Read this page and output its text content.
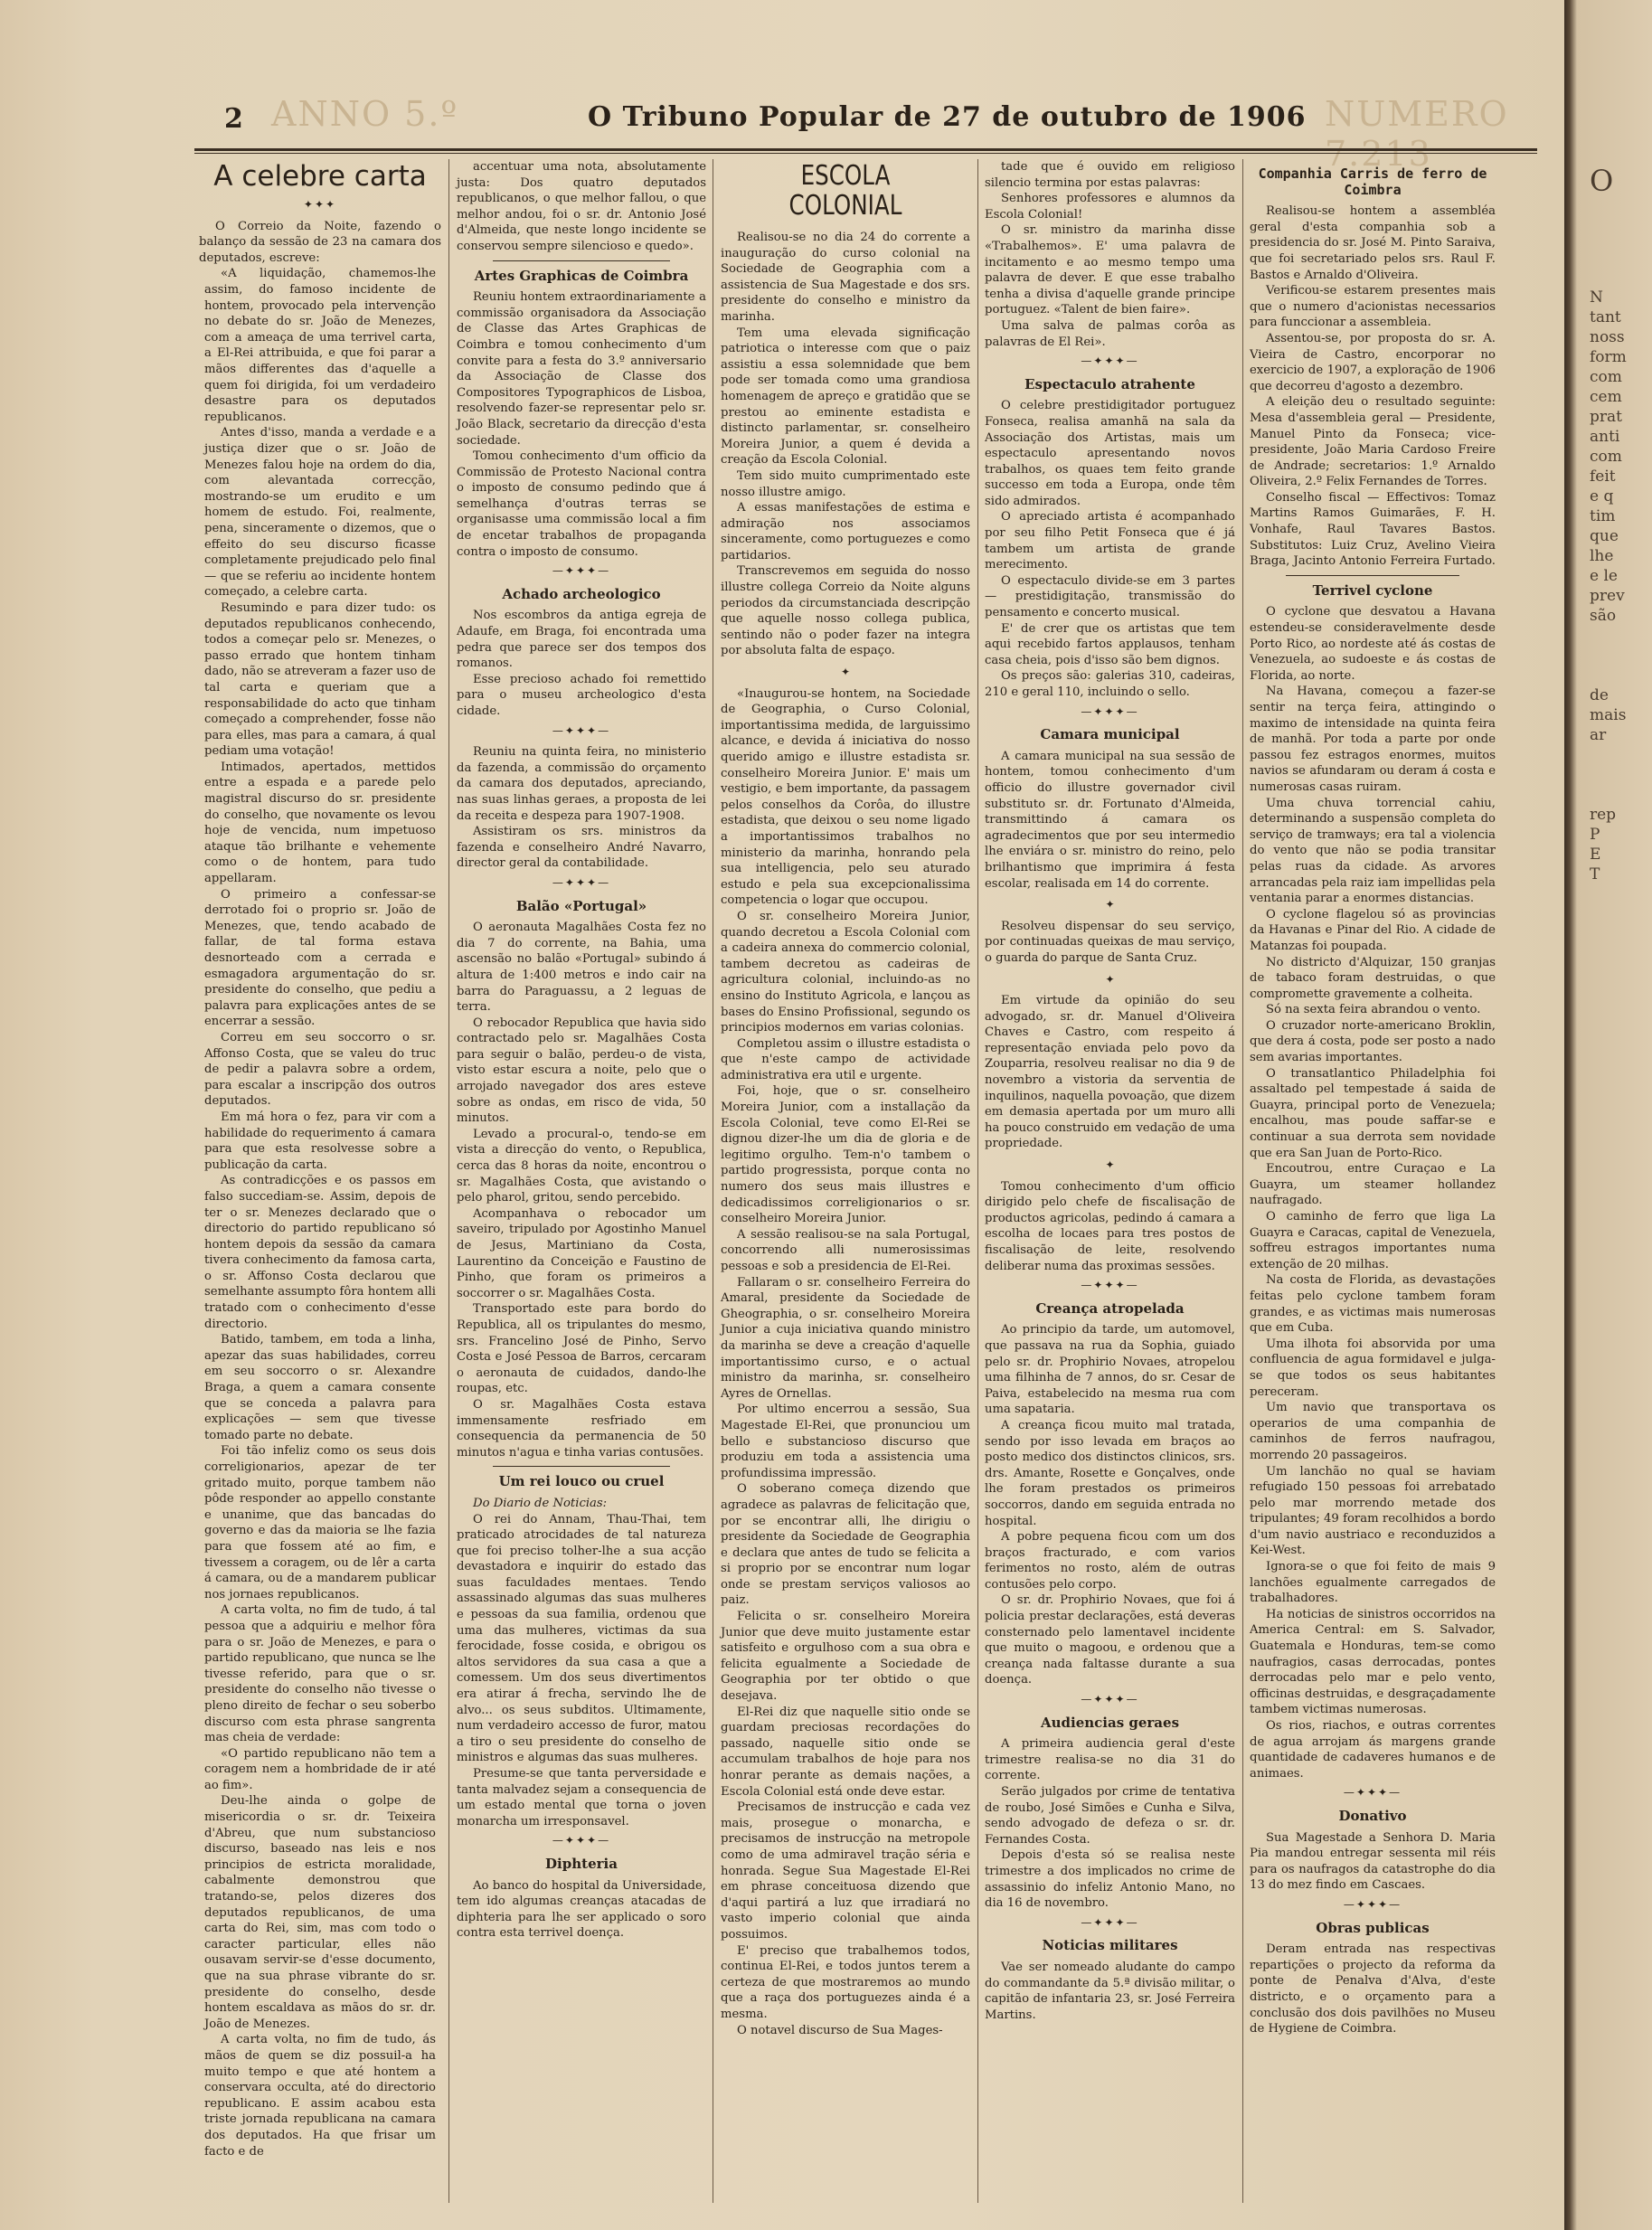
2 ANNO 5.º	O Tribuno Popular de 27 de outubro de 1906 NUMERO 7.213
A celebre carta
✦✦✦

O Correio da Noite, fazendo o balanço da sessão de 23 na camara dos deputados, escreve:

«A liquidação, chamemos-lhe assim, do famoso incidente de hontem, provocado pela intervenção no debate do sr. João de Menezes, com a ameaça de uma terrivel carta, a El-Rei attribuida, e que foi parar a mãos differentes das d'aquelle a quem foi dirigida, foi um verdadeiro desastre para os deputados republicanos.

Antes d'isso, manda a verdade e a justiça dizer que o sr. João de Menezes falou hoje na ordem do dia, com alevantada correcção, mostrando-se um erudito e um homem de estudo. Foi, realmente, pena, sinceramente o dizemos, que o effeito do seu discurso ficasse completamente prejudicado pelo final — que se referiu ao incidente hontem começado, a celebre carta.

Resumindo e para dizer tudo: os deputados republicanos conhecendo, todos a começar pelo sr. Menezes, o passo errado que hontem tinham dado, não se atreveram a fazer uso de tal carta e queriam que a responsabilidade do acto que tinham começado a comprehender, fosse não para elles, mas para a camara, á qual pediam uma votação!

Intimados, apertados, mettidos entre a espada e a parede pelo magistral discurso do sr. presidente do conselho, que novamente os levou hoje de vencida, num impetuoso ataque tão brilhante e vehemente como o de hontem, para tudo appellaram.

O primeiro a confessar-se derrotado foi o proprio sr. João de Menezes, que, tendo acabado de fallar, de tal forma estava desnorteado com a cerrada e esmagadora argumentação do sr. presidente do conselho, que pediu a palavra para explicações antes de se encerrar a sessão.

Correu em seu soccorro o sr. Affonso Costa, que se valeu do truc de pedir a palavra sobre a ordem, para escalar a inscripção dos outros deputados.

Em má hora o fez, para vir com a habilidade do requerimento á camara para que esta resolvesse sobre a publicação da carta.

As contradicções e os passos em falso succediam-se. Assim, depois de ter o sr. Menezes declarado que o directorio do partido republicano só hontem depois da sessão da camara tivera conhecimento da famosa carta, o sr. Affonso Costa declarou que semelhante assumpto fôra hontem alli tratado com o conhecimento d'esse directorio.

Batido, tambem, em toda a linha, apezar das suas habilidades, correu em seu soccorro o sr. Alexandre Braga, a quem a camara consente que se conceda a palavra para explicações — sem que tivesse tomado parte no debate.

Foi tão infeliz como os seus dois correligionarios, apezar de ter gritado muito, porque tambem não pôde responder ao appello constante e unanime, que das bancadas do governo e das da maioria se lhe fazia para que fossem até ao fim, e tivessem a coragem, ou de lêr a carta á camara, ou de a mandarem publicar nos jornaes republicanos.

A carta volta, no fim de tudo, á tal pessoa que a adquiriu e melhor fôra para o sr. João de Menezes, e para o partido republicano, que nunca se lhe tivesse referido, para que o sr. presidente do conselho não tivesse o pleno direito de fechar o seu soberbo discurso com esta phrase sangrenta mas cheia de verdade:

«O partido republicano não tem a coragem nem a hombridade de ir até ao fim».

Deu-lhe ainda o golpe de misericordia o sr. dr. Teixeira d'Abreu, que num substancioso discurso, baseado nas leis e nos principios de estricta moralidade, cabalmente demonstrou que tratando-se, pelos dizeres dos deputados republicanos, de uma carta do Rei, sim, mas com todo o caracter particular, elles não ousavam servir-se d'esse documento, que na sua phrase vibrante do sr. presidente do conselho, desde hontem escaldava as mãos do sr. dr. João de Menezes.

A carta volta, no fim de tudo, ás mãos de quem se diz possuil-a ha muito tempo e que até hontem a conservara occulta, até do directorio republicano. E assim acabou esta triste jornada republicana na camara dos deputados. Ha que frisar um facto e de

accentuar uma nota, absolutamente justa: Dos quatro deputados republicanos, o que melhor fallou, o que melhor andou, foi o sr. dr. Antonio José d'Almeida, que neste longo incidente se conservou sempre silencioso e quedo».

Artes Graphicas de Coimbra

Reuniu hontem extraordinariamente a commissão organisadora da Associação de Classe das Artes Graphicas de Coimbra e tomou conhecimento d'um convite para a festa do 3.º anniversario da Associação de Classe dos Compositores Typographicos de Lisboa, resolvendo fazer-se representar pelo sr. João Black, secretario da direcção d'esta sociedade.

Tomou conhecimento d'um officio da Commissão de Protesto Nacional contra o imposto de consumo pedindo que á semelhança d'outras terras se organisasse uma commissão local a fim de encetar trabalhos de propaganda contra o imposto de consumo.

—✦✦✦—
Achado archeologico

Nos escombros da antiga egreja de Adaufe, em Braga, foi encontrada uma pedra que parece ser dos tempos dos romanos.

Esse precioso achado foi remettido para o museu archeologico d'esta cidade.

—✦✦✦—

Reuniu na quinta feira, no ministerio da fazenda, a commissão do orçamento da camara dos deputados, apreciando, nas suas linhas geraes, a proposta de lei da receita e despeza para 1907-1908.

Assistiram os srs. ministros da fazenda e conselheiro André Navarro, director geral da contabilidade.

—✦✦✦—
Balão «Portugal»

O aeronauta Magalhães Costa fez no dia 7 do corrente, na Bahia, uma ascensão no balão «Portugal» subindo á altura de 1:400 metros e indo cair na barra do Paraguassu, a 2 leguas de terra.

O rebocador Republica que havia sido contractado pelo sr. Magalhães Costa para seguir o balão, perdeu-o de vista, visto estar escura a noite, pelo que o arrojado navegador dos ares esteve sobre as ondas, em risco de vida, 50 minutos.

Levado a procural-o, tendo-se em vista a direcção do vento, o Republica, cerca das 8 horas da noite, encontrou o sr. Magalhães Costa, que avistando o pelo pharol, gritou, sendo percebido.

Acompanhava o rebocador um saveiro, tripulado por Agostinho Manuel de Jesus, Martiniano da Costa, Laurentino da Conceição e Faustino de Pinho, que foram os primeiros a soccorrer o sr. Magalhães Costa.

Transportado este para bordo do Republica, all os tripulantes do mesmo, srs. Francelino José de Pinho, Servo Costa e José Pessoa de Barros, cercaram o aeronauta de cuidados, dando-lhe roupas, etc.

O sr. Magalhães Costa estava immensamente resfriado em consequencia da permanencia de 50 minutos n'agua e tinha varias contusões.

Um rei louco ou cruel

Do Diario de Noticias:

O rei do Annam, Thau-Thai, tem praticado atrocidades de tal natureza que foi preciso tolher-lhe a sua acção devastadora e inquirir do estado das suas faculdades mentaes. Tendo assassinado algumas das suas mulheres e pessoas da sua familia, ordenou que uma das mulheres, victimas da sua ferocidade, fosse cosida, e obrigou os altos servidores da sua casa a que a comessem. Um dos seus divertimentos era atirar á frecha, servindo lhe de alvo... os seus subditos. Ultimamente, num verdadeiro accesso de furor, matou a tiro o seu presidente do conselho de ministros e algumas das suas mulheres.

Presume-se que tanta perversidade e tanta malvadez sejam a consequencia de um estado mental que torna o joven monarcha um irresponsavel.

—✦✦✦—
Diphteria

Ao banco do hospital da Universidade, tem ido algumas creanças atacadas de diphteria para lhe ser applicado o soro contra esta terrivel doença.

ESCOLA COLONIAL

Realisou-se no dia 24 do corrente a inauguração do curso colonial na Sociedade de Geographia com a assistencia de Sua Magestade e dos srs. presidente do conselho e ministro da marinha.

Tem uma elevada significação patriotica o interesse com que o paiz assistiu a essa solemnidade que bem pode ser tomada como uma grandiosa homenagem de apreço e gratidão que se prestou ao eminente estadista e distincto parlamentar, sr. conselheiro Moreira Junior, a quem é devida a creação da Escola Colonial.

Tem sido muito cumprimentado este nosso illustre amigo.

A essas manifestações de estima e admiração nos associamos sinceramente, como portuguezes e como partidarios.

Transcrevemos em seguida do nosso illustre collega Correio da Noite alguns periodos da circumstanciada descripção que aquelle nosso collega publica, sentindo não o poder fazer na integra por absoluta falta de espaço.

✦

«Inaugurou-se hontem, na Sociedade de Geographia, o Curso Colonial, importantissima medida, de larguissimo alcance, e devida á iniciativa do nosso querido amigo e illustre estadista sr. conselheiro Moreira Junior. E' mais um vestigio, e bem importante, da passagem pelos conselhos da Corôa, do illustre estadista, que deixou o seu nome ligado a importantissimos trabalhos no ministerio da marinha, honrando pela sua intelligencia, pelo seu aturado estudo e pela sua excepcionalissima competencia o logar que occupou.

O sr. conselheiro Moreira Junior, quando decretou a Escola Colonial com a cadeira annexa do commercio colonial, tambem decretou as cadeiras de agricultura colonial, incluindo-as no ensino do Instituto Agricola, e lançou as bases do Ensino Profissional, segundo os principios modernos em varias colonias.

Completou assim o illustre estadista o que n'este campo de actividade administrativa era util e urgente.

Foi, hoje, que o sr. conselheiro Moreira Junior, com a installação da Escola Colonial, teve como El-Rei se dignou dizer-lhe um dia de gloria e de legitimo orgulho. Tem-n'o tambem o partido progressista, porque conta no numero dos seus mais illustres e dedicadissimos correligionarios o sr. conselheiro Moreira Junior.

A sessão realisou-se na sala Portugal, concorrendo alli numerosissimas pessoas e sob a presidencia de El-Rei.

Fallaram o sr. conselheiro Ferreira do Amaral, presidente da Sociedade de Gheographia, o sr. conselheiro Moreira Junior a cuja iniciativa quando ministro da marinha se deve a creação d'aquelle importantissimo curso, e o actual ministro da marinha, sr. conselheiro Ayres de Ornellas.

Por ultimo encerrou a sessão, Sua Magestade El-Rei, que pronunciou um bello e substancioso discurso que produziu em toda a assistencia uma profundissima impressão.

O soberano começa dizendo que agradece as palavras de felicitação que, por se encontrar alli, lhe dirigiu o presidente da Sociedade de Geographia e declara que antes de tudo se felicita a si proprio por se encontrar num logar onde se prestam serviços valiosos ao paiz.

Felicita o sr. conselheiro Moreira Junior que deve muito justamente estar satisfeito e orgulhoso com a sua obra e felicita egualmente a Sociedade de Geographia por ter obtido o que desejava.

El-Rei diz que naquelle sitio onde se guardam preciosas recordações do passado, naquelle sitio onde se accumulam trabalhos de hoje para nos honrar perante as demais nações, a Escola Colonial está onde deve estar.

Precisamos de instrucção e cada vez mais, prosegue o monarcha, e precisamos de instrucção na metropole como de uma admiravel tração séria e honrada. Segue Sua Magestade El-Rei em phrase conceituosa dizendo que d'aqui partirá a luz que irradiará no vasto imperio colonial que ainda possuimos.

E' preciso que trabalhemos todos, continua El-Rei, e todos juntos terem a certeza de que mostraremos ao mundo que a raça dos portuguezes ainda é a mesma.

O notavel discurso de Sua Mages-

tade que é ouvido em religioso silencio termina por estas palavras:

Senhores professores e alumnos da Escola Colonial!

O sr. ministro da marinha disse «Trabalhemos». E' uma palavra de incitamento e ao mesmo tempo uma palavra de dever. E que esse trabalho tenha a divisa d'aquelle grande principe portuguez. «Talent de bien faire».

Uma salva de palmas corôa as palavras de El Rei».

—✦✦✦—
Espectaculo atrahente

O celebre prestidigitador portuguez Fonseca, realisa amanhã na sala da Associação dos Artistas, mais um espectaculo apresentando novos trabalhos, os quaes tem feito grande successo em toda a Europa, onde têm sido admirados.

O apreciado artista é acompanhado por seu filho Petit Fonseca que é já tambem um artista de grande merecimento.

O espectaculo divide-se em 3 partes — prestidigitação, transmissão do pensamento e concerto musical.

E' de crer que os artistas que tem aqui recebido fartos applausos, tenham casa cheia, pois d'isso são bem dignos.

Os preços são: galerias 310, cadeiras, 210 e geral 110, incluindo o sello.

—✦✦✦—
Camara municipal

A camara municipal na sua sessão de hontem, tomou conhecimento d'um officio do illustre governador civil substituto sr. dr. Fortunato d'Almeida, transmittindo á camara os agradecimentos que por seu intermedio lhe enviára o sr. ministro do reino, pelo brilhantismo que imprimira á festa escolar, realisada em 14 do corrente.

✦

Resolveu dispensar do seu serviço, por continuadas queixas de mau serviço, o guarda do parque de Santa Cruz.

✦

Em virtude da opinião do seu advogado, sr. dr. Manuel d'Oliveira Chaves e Castro, com respeito á representação enviada pelo povo da Zouparria, resolveu realisar no dia 9 de novembro a vistoria da serventia de inquilinos, naquella povoação, que dizem em demasia apertada por um muro alli ha pouco construido em vedação de uma propriedade.

✦

Tomou conhecimento d'um officio dirigido pelo chefe de fiscalisação de productos agricolas, pedindo á camara a escolha de locaes para tres postos de fiscalisação de leite, resolvendo deliberar numa das proximas sessões.

—✦✦✦—
Creança atropelada

Ao principio da tarde, um automovel, que passava na rua da Sophia, guiado pelo sr. dr. Prophirio Novaes, atropelou uma filhinha de 7 annos, do sr. Cesar de Paiva, estabelecido na mesma rua com uma sapataria.

A creança ficou muito mal tratada, sendo por isso levada em braços ao posto medico dos distinctos clinicos, srs. drs. Amante, Rosette e Gonçalves, onde lhe foram prestados os primeiros soccorros, dando em seguida entrada no hospital.

A pobre pequena ficou com um dos braços fracturado, e com varios ferimentos no rosto, além de outras contusões pelo corpo.

O sr. dr. Prophirio Novaes, que foi á policia prestar declarações, está deveras consternado pelo lamentavel incidente que muito o magoou, e ordenou que a creança nada faltasse durante a sua doença.

—✦✦✦—
Audiencias geraes

A primeira audiencia geral d'este trimestre realisa-se no dia 31 do corrente.

Serão julgados por crime de tentativa de roubo, José Simões e Cunha e Silva, sendo advogado de defeza o sr. dr. Fernandes Costa.

Depois d'esta só se realisa neste trimestre a dos implicados no crime de assassinio do infeliz Antonio Mano, no dia 16 de novembro.

—✦✦✦—
Noticias militares

Vae ser nomeado aludante do campo do commandante da 5.ª divisão militar, o capitão de infantaria 23, sr. José Ferreira Martins.

Companhia Carris de ferro de Coimbra

Realisou-se hontem a assembléa geral d'esta companhia sob a presidencia do sr. José M. Pinto Saraiva, que foi secretariado pelos srs. Raul F. Bastos e Arnaldo d'Oliveira.

Verificou-se estarem presentes mais que o numero d'acionistas necessarios para funccionar a assembleia.

Assentou-se, por proposta do sr. A. Vieira de Castro, encorporar no exercicio de 1907, a exploração de 1906 que decorreu d'agosto a dezembro.

A eleição deu o resultado seguinte: Mesa d'assembleia geral — Presidente, Manuel Pinto da Fonseca; vice-presidente, João Maria Cardoso Freire de Andrade; secretarios: 1.º Arnaldo Oliveira, 2.º Felix Fernandes de Torres.

Conselho fiscal — Effectivos: Tomaz Martins Ramos Guimarães, F. H. Vonhafe, Raul Tavares Bastos. Substitutos: Luiz Cruz, Avelino Vieira Braga, Jacinto Antonio Ferreira Furtado.

Terrivel cyclone

O cyclone que desvatou a Havana estendeu-se consideravelmente desde Porto Rico, ao nordeste até ás costas de Venezuela, ao sudoeste e ás costas de Florida, ao norte.

Na Havana, começou a fazer-se sentir na terça feira, attingindo o maximo de intensidade na quinta feira de manhã. Por toda a parte por onde passou fez estragos enormes, muitos navios se afundaram ou deram á costa e numerosas casas ruiram.

Uma chuva torrencial cahiu, determinando a suspensão completa do serviço de tramways; era tal a violencia do vento que não se podia transitar pelas ruas da cidade. As arvores arrancadas pela raiz iam impellidas pela ventania parar a enormes distancias.

O cyclone flagelou só as provincias da Havanas e Pinar del Rio. A cidade de Matanzas foi poupada.

No districto d'Alquizar, 150 granjas de tabaco foram destruidas, o que compromette gravemente a colheita.

Só na sexta feira abrandou o vento.

O cruzador norte-americano Broklin, que dera á costa, pode ser posto a nado sem avarias importantes.

O transatlantico Philadelphia foi assaltado pel tempestade á saida de Guayra, principal porto de Venezuela; encalhou, mas poude saffar-se e continuar a sua derrota sem novidade que era San Juan de Porto-Rico.

Encoutrou, entre Curaçao e La Guayra, um steamer hollandez naufragado.

O caminho de ferro que liga La Guayra e Caracas, capital de Venezuela, soffreu estragos importantes numa extenção de 20 milhas.

Na costa de Florida, as devastações feitas pelo cyclone tambem foram grandes, e as victimas mais numerosas que em Cuba.

Uma ilhota foi absorvida por uma confluencia de agua formidavel e julga-se que todos os seus habitantes pereceram.

Um navio que transportava os operarios de uma companhia de caminhos de ferros naufragou, morrendo 20 passageiros.

Um lanchão no qual se haviam refugiado 150 pessoas foi arrebatado pelo mar morrendo metade dos tripulantes; 49 foram recolhidos a bordo d'um navio austriaco e reconduzidos a Kei-West.

Ignora-se o que foi feito de mais 9 lanchões egualmente carregados de trabalhadores.

Ha noticias de sinistros occorridos na America Central: em S. Salvador, Guatemala e Honduras, tem-se como naufragios, casas derrocadas, pontes derrocadas pelo mar e pelo vento, officinas destruidas, e desgraçadamente tambem victimas numerosas.

Os rios, riachos, e outras correntes de agua arrojam ás margens grande quantidade de cadaveres humanos e de animaes.

—✦✦✦—
Donativo

Sua Magestade a Senhora D. Maria Pia mandou entregar sessenta mil réis para os naufragos da catastrophe do dia 13 do mez findo em Cascaes.

—✦✦✦—
Obras publicas

Deram entrada nas respectivas repartições o projecto da reforma da ponte de Penalva d'Alva, d'este districto, e o orçamento para a conclusão dos dois pavilhões no Museu de Hygiene de Coimbra.

O
N
tant
noss
form
com
cem
prat
anti
com
feit
e q
tim
que
lhe
e le
prev
são
de
mais
ar
rep
P
E
T
